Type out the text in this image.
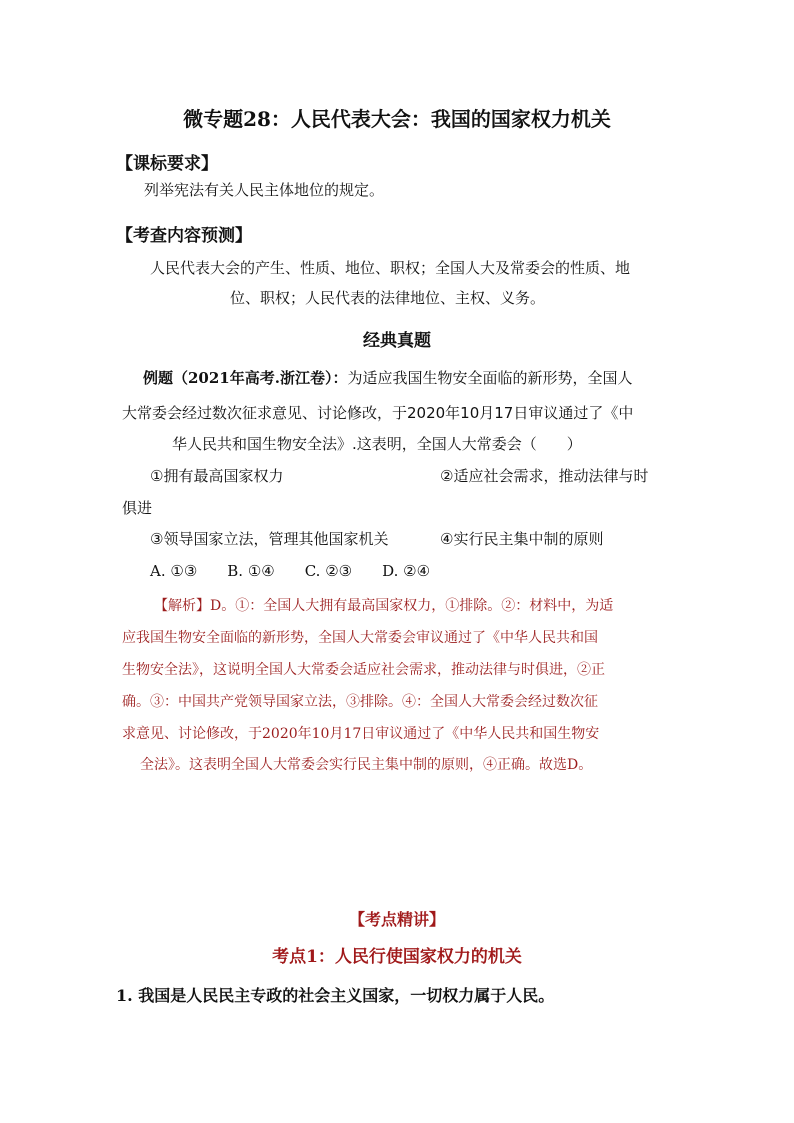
微专题28：人民代表大会：我国的国家权力机关
【课标要求】
列举宪法有关人民主体地位的规定。
【考查内容预测】
人民代表大会的产生、性质、地位、职权；全国人大及常委会的性质、地
位、职权；人民代表的法律地位、主权、义务。
经典真题
例题（2021年高考.浙江卷）：为适应我国生物安全面临的新形势，全国人
大常委会经过数次征求意见、讨论修改，于2020年10月17日审议通过了《中
华人民共和国生物安全法》.这表明，全国人大常委会（　　）
①拥有最高国家权力	②适应社会需求，推动法律与时
俱进
③领导国家立法，管理其他国家机关	④实行民主集中制的原则
A. ①③　　B. ①④　　C. ②③　　D. ②④
【解析】D。①：全国人大拥有最高国家权力，①排除。②：材料中，为适
应我国生物安全面临的新形势，全国人大常委会审议通过了《中华人民共和国
生物安全法》，这说明全国人大常委会适应社会需求，推动法律与时俱进，②正
确。③：中国共产党领导国家立法，③排除。④：全国人大常委会经过数次征
求意见、讨论修改，于2020年10月17日审议通过了《中华人民共和国生物安
全法》。这表明全国人大常委会实行民主集中制的原则，④正确。故选D。
【考点精讲】
考点1：人民行使国家权力的机关
1. 我国是人民民主专政的社会主义国家，一切权力属于人民。
